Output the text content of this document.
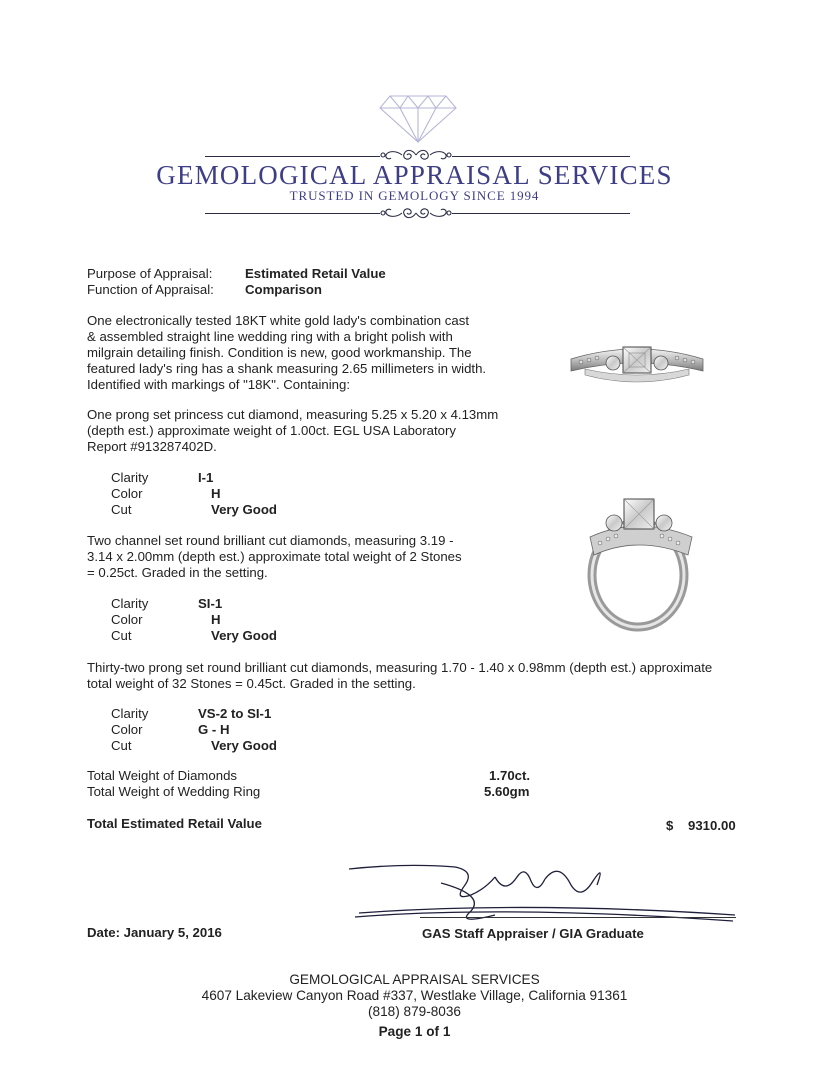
GEMOLOGICAL APPRAISAL SERVICES
TRUSTED IN GEMOLOGY SINCE 1994
Purpose of Appraisal: Estimated Retail Value
Function of Appraisal: Comparison
One electronically tested 18KT white gold lady's combination cast
& assembled straight line wedding ring with a bright polish with
milgrain detailing finish. Condition is new, good workmanship. The
featured lady's ring has a shank measuring 2.65 millimeters in width.
Identified with markings of "18K". Containing:
One prong set princess cut diamond, measuring 5.25 x 5.20 x 4.13mm
(depth est.) approximate weight of 1.00ct. EGL USA Laboratory
Report #913287402D.
Clarity	I-1
Color	H
Cut	Very Good
Two channel set round brilliant cut diamonds, measuring 3.19 -
3.14 x 2.00mm (depth est.) approximate total weight of 2 Stones
= 0.25ct. Graded in the setting.
Clarity	SI-1
Color	H
Cut	Very Good
Thirty-two prong set round brilliant cut diamonds, measuring 1.70 - 1.40 x 0.98mm (depth est.) approximate
total weight of 32 Stones = 0.45ct. Graded in the setting.
Clarity	VS-2 to SI-1
Color	G - H
Cut	Very Good
Total Weight of Diamonds	1.70ct.
Total Weight of Wedding Ring	5.60gm
Total Estimated Retail Value	$ 9310.00
Date: January 5, 2016	GAS Staff Appraiser / GIA Graduate
GEMOLOGICAL APPRAISAL SERVICES
4607 Lakeview Canyon Road #337, Westlake Village, California 91361
(818) 879-8036
Page 1 of 1
